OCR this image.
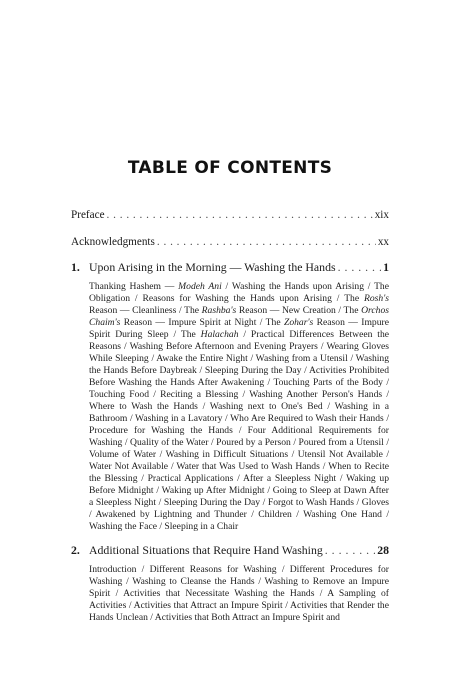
TABLE OF CONTENTS
Preface . . .	xix
Acknowledgments . . .	xx
1. Upon Arising in the Morning — Washing the Hands . . .	1
Thanking Hashem — Modeh Ani / Washing the Hands upon Arising / The Obligation / Reasons for Washing the Hands upon Arising / The Rosh's Reason — Cleanliness / The Rashba's Reason — New Creation / The Orchos Chaim's Reason — Impure Spirit at Night / The Zohar's Reason — Impure Spirit During Sleep / The Halachah / Practical Differences Between the Reasons / Washing Before Afternoon and Evening Prayers / Wearing Gloves While Sleeping / Awake the Entire Night / Washing from a Utensil / Washing the Hands Before Daybreak / Sleeping During the Day / Activities Prohibited Before Washing the Hands After Awakening / Touching Parts of the Body / Touching Food / Reciting a Blessing / Washing Another Person's Hands / Where to Wash the Hands / Washing next to One's Bed / Washing in a Bathroom / Washing in a Lavatory / Who Are Required to Wash their Hands / Procedure for Washing the Hands / Four Additional Requirements for Washing / Quality of the Water / Poured by a Person / Poured from a Utensil / Volume of Water / Washing in Difficult Situations / Utensil Not Available / Water Not Available / Water that Was Used to Wash Hands / When to Recite the Blessing / Practical Applications / After a Sleepless Night / Waking up Before Midnight / Waking up After Midnight / Going to Sleep at Dawn After a Sleepless Night / Sleeping During the Day / Forgot to Wash Hands / Gloves / Awakened by Lightning and Thunder / Children / Washing One Hand / Washing the Face / Sleeping in a Chair
2. Additional Situations that Require Hand Washing . . .	28
Introduction / Different Reasons for Washing / Different Procedures for Washing / Washing to Cleanse the Hands / Washing to Remove an Impure Spirit / Activities that Necessitate Washing the Hands / A Sampling of Activities / Activities that Attract an Impure Spirit / Activities that Render the Hands Unclean / Activities that Both Attract an Impure Spirit and
